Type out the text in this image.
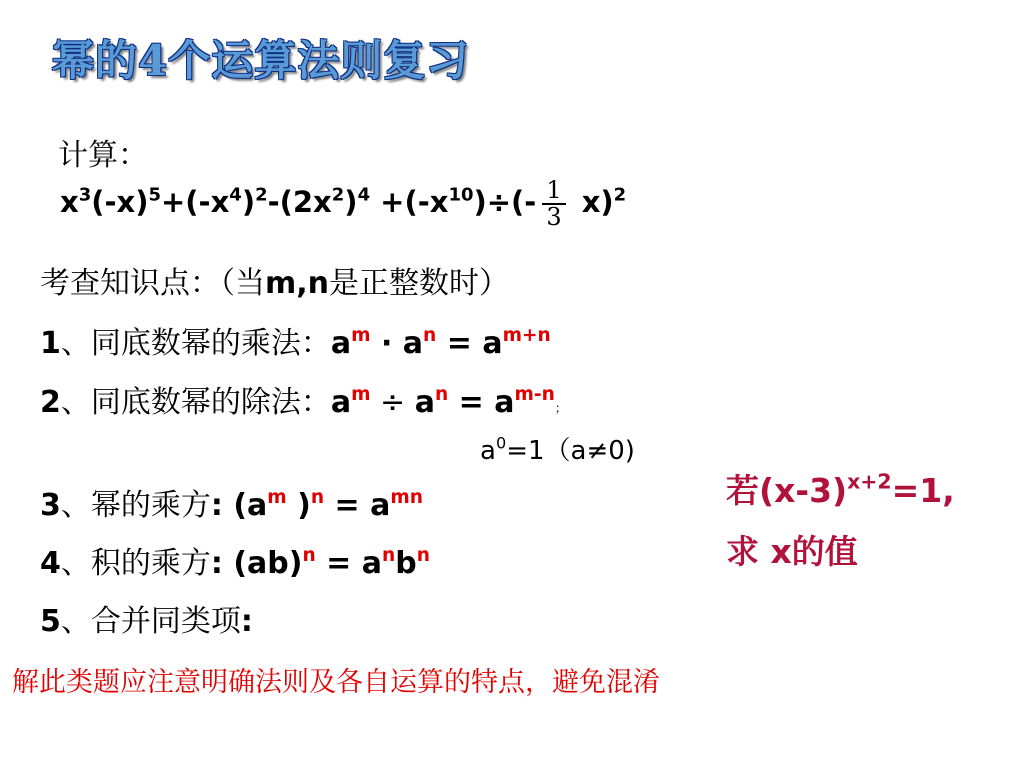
幂的4个运算法则复习
计算：
$x^3(-x)^5+(-x^4)^2-(2x^2)^4 +(-x^{10})\div(- \frac{1}{3} x)^2$
考查知识点：（当m,n是正整数时）
1、同底数幂的乘法：$a^m \cdot a^n = a^{m+n}$
2、同底数幂的除法：$a^m \div a^n = a^{m-n}$；
$a^0=1(a\ne 0)$
3、幂的乘方: ($a^m$ )$^n = a^{mn}$
4、积的乘方: $(ab)^n = a^nb^n$
5、合并同类项:
若$(x-3)^{x+2}=1$,
求 x的值
解此类题应注意明确法则及各自运算的特点，避免混淆
